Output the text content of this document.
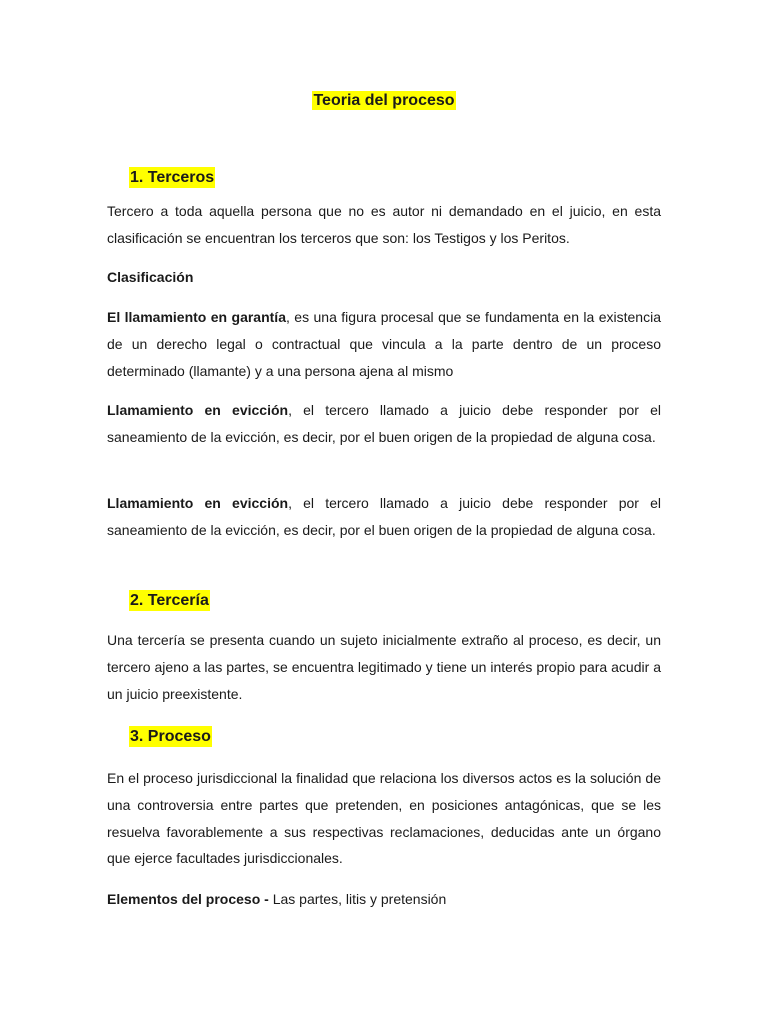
Teoria del proceso
1. Terceros

Tercero a toda aquella persona que no es autor ni demandado en el juicio, en esta clasificación se encuentran los terceros que son: los Testigos y los Peritos.

Clasificación

El llamamiento en garantía, es una figura procesal que se fundamenta en la existencia de un derecho legal o contractual que vincula a la parte dentro de un proceso determinado (llamante) y a una persona ajena al mismo

Llamamiento en evicción, el tercero llamado a juicio debe responder por el saneamiento de la evicción, es decir, por el buen origen de la propiedad de alguna cosa.

Llamamiento en evicción, el tercero llamado a juicio debe responder por el saneamiento de la evicción, es decir, por el buen origen de la propiedad de alguna cosa.

2. Tercería

Una tercería se presenta cuando un sujeto inicialmente extraño al proceso, es decir, un tercero ajeno a las partes, se encuentra legitimado y tiene un interés propio para acudir a un juicio preexistente.

3. Proceso

En el proceso jurisdiccional la finalidad que relaciona los diversos actos es la solución de una controversia entre partes que pretenden, en posiciones antagónicas, que se les resuelva favorablemente a sus respectivas reclamaciones, deducidas ante un órgano que ejerce facultades jurisdiccionales.

Elementos del proceso - Las partes, litis y pretensión
